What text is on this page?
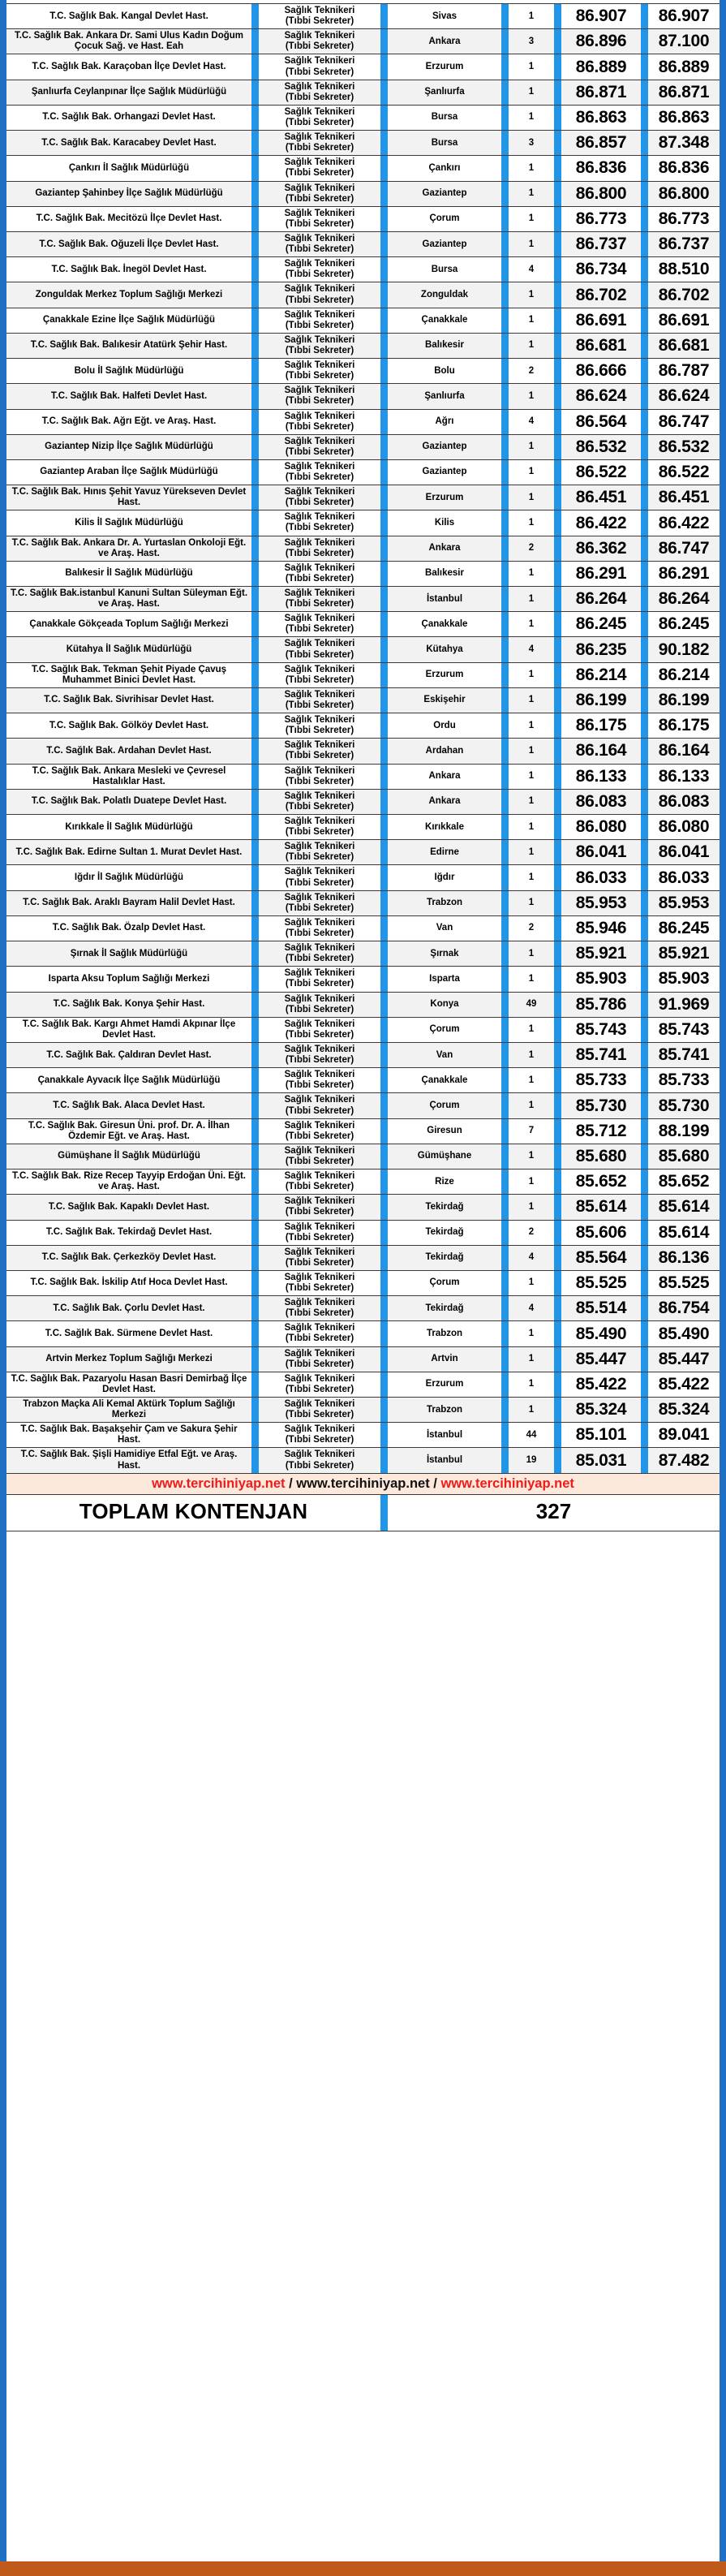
T.C. Sağlık Bak. Kangal Devlet Hast.		Sağlık Teknikeri
(Tıbbi Sekreter)		Sivas		1		86.907		86.907
T.C. Sağlık Bak. Ankara Dr. Sami Ulus Kadın Doğum Çocuk Sağ. ve Hast. Eah		Sağlık Teknikeri
(Tıbbi Sekreter)		Ankara		3		86.896		87.100
T.C. Sağlık Bak. Karaçoban İlçe Devlet Hast.		Sağlık Teknikeri
(Tıbbi Sekreter)		Erzurum		1		86.889		86.889
Şanlıurfa Ceylanpınar İlçe Sağlık Müdürlüğü		Sağlık Teknikeri
(Tıbbi Sekreter)		Şanlıurfa		1		86.871		86.871
T.C. Sağlık Bak. Orhangazi Devlet Hast.		Sağlık Teknikeri
(Tıbbi Sekreter)		Bursa		1		86.863		86.863
T.C. Sağlık Bak. Karacabey Devlet Hast.		Sağlık Teknikeri
(Tıbbi Sekreter)		Bursa		3		86.857		87.348
Çankırı İl Sağlık Müdürlüğü		Sağlık Teknikeri
(Tıbbi Sekreter)		Çankırı		1		86.836		86.836
Gaziantep Şahinbey İlçe Sağlık Müdürlüğü		Sağlık Teknikeri
(Tıbbi Sekreter)		Gaziantep		1		86.800		86.800
T.C. Sağlık Bak. Mecitözü İlçe Devlet Hast.		Sağlık Teknikeri
(Tıbbi Sekreter)		Çorum		1		86.773		86.773
T.C. Sağlık Bak. Oğuzeli İlçe Devlet Hast.		Sağlık Teknikeri
(Tıbbi Sekreter)		Gaziantep		1		86.737		86.737
T.C. Sağlık Bak. İnegöl Devlet Hast.		Sağlık Teknikeri
(Tıbbi Sekreter)		Bursa		4		86.734		88.510
Zonguldak Merkez Toplum Sağlığı Merkezi		Sağlık Teknikeri
(Tıbbi Sekreter)		Zonguldak		1		86.702		86.702
Çanakkale Ezine İlçe Sağlık Müdürlüğü		Sağlık Teknikeri
(Tıbbi Sekreter)		Çanakkale		1		86.691		86.691
T.C. Sağlık Bak. Balıkesir Atatürk Şehir Hast.		Sağlık Teknikeri
(Tıbbi Sekreter)		Balıkesir		1		86.681		86.681
Bolu İl Sağlık Müdürlüğü		Sağlık Teknikeri
(Tıbbi Sekreter)		Bolu		2		86.666		86.787
T.C. Sağlık Bak. Halfeti Devlet Hast.		Sağlık Teknikeri
(Tıbbi Sekreter)		Şanlıurfa		1		86.624		86.624
T.C. Sağlık Bak. Ağrı Eğt. ve Araş. Hast.		Sağlık Teknikeri
(Tıbbi Sekreter)		Ağrı		4		86.564		86.747
Gaziantep Nizip İlçe Sağlık Müdürlüğü		Sağlık Teknikeri
(Tıbbi Sekreter)		Gaziantep		1		86.532		86.532
Gaziantep Araban İlçe Sağlık Müdürlüğü		Sağlık Teknikeri
(Tıbbi Sekreter)		Gaziantep		1		86.522		86.522
T.C. Sağlık Bak. Hınıs Şehit Yavuz Yürekseven Devlet Hast.		Sağlık Teknikeri
(Tıbbi Sekreter)		Erzurum		1		86.451		86.451
Kilis İl Sağlık Müdürlüğü		Sağlık Teknikeri
(Tıbbi Sekreter)		Kilis		1		86.422		86.422
T.C. Sağlık Bak. Ankara Dr. A. Yurtaslan Onkoloji Eğt. ve Araş. Hast.		Sağlık Teknikeri
(Tıbbi Sekreter)		Ankara		2		86.362		86.747
Balıkesir İl Sağlık Müdürlüğü		Sağlık Teknikeri
(Tıbbi Sekreter)		Balıkesir		1		86.291		86.291
T.C. Sağlık Bak.istanbul Kanuni Sultan Süleyman Eğt. ve Araş. Hast.		Sağlık Teknikeri
(Tıbbi Sekreter)		İstanbul		1		86.264		86.264
Çanakkale Gökçeada Toplum Sağlığı Merkezi		Sağlık Teknikeri
(Tıbbi Sekreter)		Çanakkale		1		86.245		86.245
Kütahya İl Sağlık Müdürlüğü		Sağlık Teknikeri
(Tıbbi Sekreter)		Kütahya		4		86.235		90.182
T.C. Sağlık Bak. Tekman Şehit Piyade Çavuş Muhammet Binici Devlet Hast.		Sağlık Teknikeri
(Tıbbi Sekreter)		Erzurum		1		86.214		86.214
T.C. Sağlık Bak. Sivrihisar Devlet Hast.		Sağlık Teknikeri
(Tıbbi Sekreter)		Eskişehir		1		86.199		86.199
T.C. Sağlık Bak. Gölköy Devlet Hast.		Sağlık Teknikeri
(Tıbbi Sekreter)		Ordu		1		86.175		86.175
T.C. Sağlık Bak. Ardahan Devlet Hast.		Sağlık Teknikeri
(Tıbbi Sekreter)		Ardahan		1		86.164		86.164
T.C. Sağlık Bak. Ankara Mesleki ve Çevresel Hastalıklar Hast.		Sağlık Teknikeri
(Tıbbi Sekreter)		Ankara		1		86.133		86.133
T.C. Sağlık Bak. Polatlı Duatepe Devlet Hast.		Sağlık Teknikeri
(Tıbbi Sekreter)		Ankara		1		86.083		86.083
Kırıkkale İl Sağlık Müdürlüğü		Sağlık Teknikeri
(Tıbbi Sekreter)		Kırıkkale		1		86.080		86.080
T.C. Sağlık Bak. Edirne Sultan 1. Murat Devlet Hast.		Sağlık Teknikeri
(Tıbbi Sekreter)		Edirne		1		86.041		86.041
Iğdır İl Sağlık Müdürlüğü		Sağlık Teknikeri
(Tıbbi Sekreter)		Iğdır		1		86.033		86.033
T.C. Sağlık Bak. Araklı Bayram Halil Devlet Hast.		Sağlık Teknikeri
(Tıbbi Sekreter)		Trabzon		1		85.953		85.953
T.C. Sağlık Bak. Özalp Devlet Hast.		Sağlık Teknikeri
(Tıbbi Sekreter)		Van		2		85.946		86.245
Şırnak İl Sağlık Müdürlüğü		Sağlık Teknikeri
(Tıbbi Sekreter)		Şırnak		1		85.921		85.921
Isparta Aksu Toplum Sağlığı Merkezi		Sağlık Teknikeri
(Tıbbi Sekreter)		Isparta		1		85.903		85.903
T.C. Sağlık Bak. Konya Şehir Hast.		Sağlık Teknikeri
(Tıbbi Sekreter)		Konya		49		85.786		91.969
T.C. Sağlık Bak. Kargı Ahmet Hamdi Akpınar İlçe Devlet Hast.		Sağlık Teknikeri
(Tıbbi Sekreter)		Çorum		1		85.743		85.743
T.C. Sağlık Bak. Çaldıran Devlet Hast.		Sağlık Teknikeri
(Tıbbi Sekreter)		Van		1		85.741		85.741
Çanakkale Ayvacık İlçe Sağlık Müdürlüğü		Sağlık Teknikeri
(Tıbbi Sekreter)		Çanakkale		1		85.733		85.733
T.C. Sağlık Bak. Alaca Devlet Hast.		Sağlık Teknikeri
(Tıbbi Sekreter)		Çorum		1		85.730		85.730
T.C. Sağlık Bak. Giresun Üni. prof. Dr. A. İlhan Özdemir Eğt. ve Araş. Hast.		Sağlık Teknikeri
(Tıbbi Sekreter)		Giresun		7		85.712		88.199
Gümüşhane İl Sağlık Müdürlüğü		Sağlık Teknikeri
(Tıbbi Sekreter)		Gümüşhane		1		85.680		85.680
T.C. Sağlık Bak. Rize Recep Tayyip Erdoğan Üni. Eğt. ve Araş. Hast.		Sağlık Teknikeri
(Tıbbi Sekreter)		Rize		1		85.652		85.652
T.C. Sağlık Bak. Kapaklı Devlet Hast.		Sağlık Teknikeri
(Tıbbi Sekreter)		Tekirdağ		1		85.614		85.614
T.C. Sağlık Bak. Tekirdağ Devlet Hast.		Sağlık Teknikeri
(Tıbbi Sekreter)		Tekirdağ		2		85.606		85.614
T.C. Sağlık Bak. Çerkezköy Devlet Hast.		Sağlık Teknikeri
(Tıbbi Sekreter)		Tekirdağ		4		85.564		86.136
T.C. Sağlık Bak. İskilip Atıf Hoca Devlet Hast.		Sağlık Teknikeri
(Tıbbi Sekreter)		Çorum		1		85.525		85.525
T.C. Sağlık Bak. Çorlu Devlet Hast.		Sağlık Teknikeri
(Tıbbi Sekreter)		Tekirdağ		4		85.514		86.754
T.C. Sağlık Bak. Sürmene Devlet Hast.		Sağlık Teknikeri
(Tıbbi Sekreter)		Trabzon		1		85.490		85.490
Artvin Merkez Toplum Sağlığı Merkezi		Sağlık Teknikeri
(Tıbbi Sekreter)		Artvin		1		85.447		85.447
T.C. Sağlık Bak. Pazaryolu Hasan Basri Demirbağ İlçe Devlet Hast.		Sağlık Teknikeri
(Tıbbi Sekreter)		Erzurum		1		85.422		85.422
Trabzon Maçka Ali Kemal Aktürk Toplum Sağlığı Merkezi		Sağlık Teknikeri
(Tıbbi Sekreter)		Trabzon		1		85.324		85.324
T.C. Sağlık Bak. Başakşehir Çam ve Sakura Şehir Hast.		Sağlık Teknikeri
(Tıbbi Sekreter)		İstanbul		44		85.101		89.041
T.C. Sağlık Bak. Şişli Hamidiye Etfal Eğt. ve Araş. Hast.		Sağlık Teknikeri
(Tıbbi Sekreter)		İstanbul		19		85.031		87.482
www.tercihiniyap.net / www.tercihiniyap.net / www.tercihiniyap.net										
TOPLAM KONTENJAN				327						
